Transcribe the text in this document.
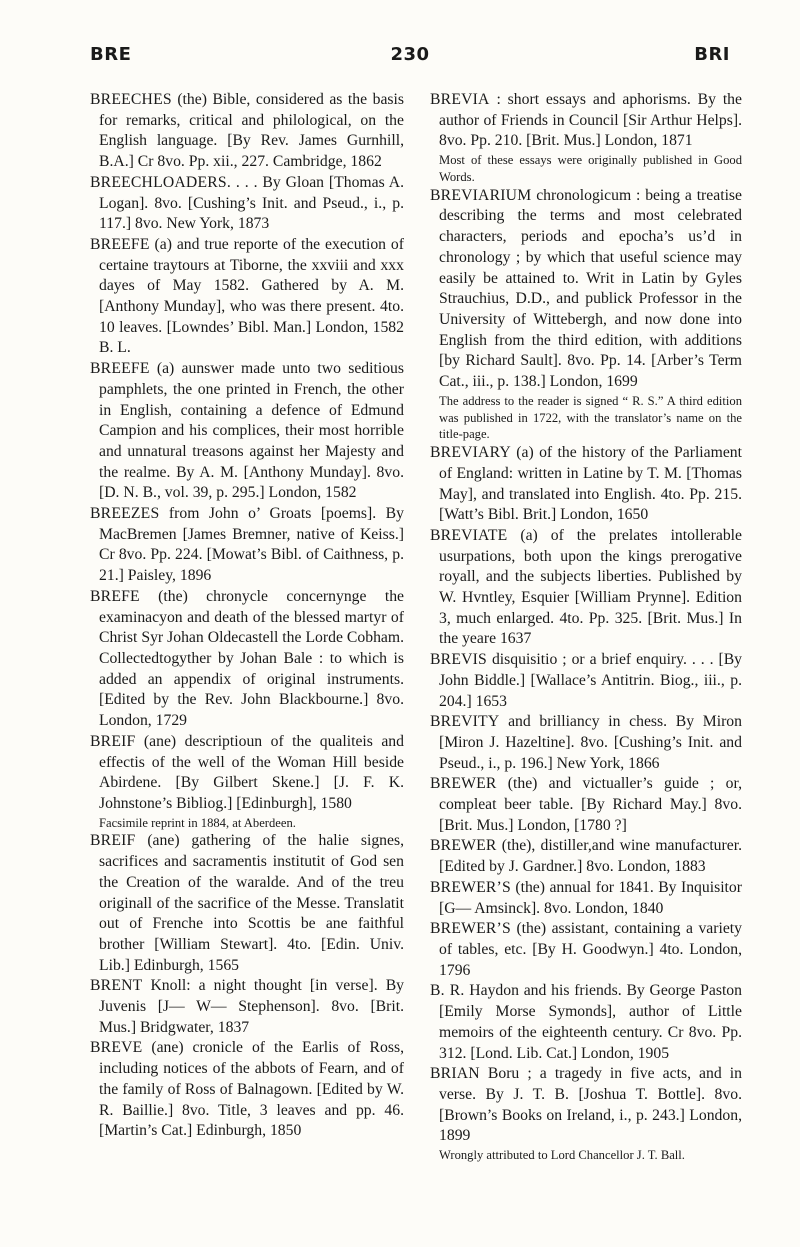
BRE	230	BRI

BREECHES (the) Bible, considered as the basis for remarks, critical and philological, on the English language. [By Rev. James Gurnhill, B.A.] Cr 8vo. Pp. xii., 227. Cambridge, 1862

BREECHLOADERS. . . . By Gloan [Thomas A. Logan]. 8vo. [Cushing’s Init. and Pseud., i., p. 117.] 8vo. New York, 1873

BREEFE (a) and true reporte of the execution of certaine traytours at Tiborne, the xxviii and xxx dayes of May 1582. Gathered by A. M. [Anthony Munday], who was there present. 4to. 10 leaves. [Lowndes’ Bibl. Man.] London, 1582 B. L.

BREEFE (a) aunswer made unto two seditious pamphlets, the one printed in French, the other in English, containing a defence of Edmund Campion and his complices, their most horrible and unnatural treasons against her Majesty and the realme. By A. M. [Anthony Munday]. 8vo. [D. N. B., vol. 39, p. 295.] London, 1582

BREEZES from John o’ Groats [poems]. By MacBremen [James Bremner, native of Keiss.] Cr 8vo. Pp. 224. [Mowat’s Bibl. of Caithness, p. 21.] Paisley, 1896

BREFE (the) chronycle concernynge the examinacyon and death of the blessed martyr of Christ Syr Johan Oldecastell the Lorde Cobham. Collectedtogyther by Johan Bale : to which is added an appendix of original instruments. [Edited by the Rev. John Blackbourne.] 8vo. London, 1729

BREIF (ane) descriptioun of the qualiteis and effectis of the well of the Woman Hill beside Abirdene. [By Gilbert Skene.] [J. F. K. Johnstone’s Bibliog.] [Edinburgh], 1580

Facsimile reprint in 1884, at Aberdeen.

BREIF (ane) gathering of the halie signes, sacrifices and sacramentis institutit of God sen the Creation of the waralde. And of the treu originall of the sacrifice of the Messe. Translatit out of Frenche into Scottis be ane faithful brother [William Stewart]. 4to. [Edin. Univ. Lib.] Edinburgh, 1565

BRENT Knoll: a night thought [in verse]. By Juvenis [J— W— Stephenson]. 8vo. [Brit. Mus.] Bridgwater, 1837

BREVE (ane) cronicle of the Earlis of Ross, including notices of the abbots of Fearn, and of the family of Ross of Balnagown. [Edited by W. R. Baillie.] 8vo. Title, 3 leaves and pp. 46. [Martin’s Cat.] Edinburgh, 1850

BREVIA : short essays and aphorisms. By the author of Friends in Council [Sir Arthur Helps]. 8vo. Pp. 210. [Brit. Mus.] London, 1871

Most of these essays were originally published in Good Words.

BREVIARIUM chronologicum : being a treatise describing the terms and most celebrated characters, periods and epocha’s us’d in chronology ; by which that useful science may easily be attained to. Writ in Latin by Gyles Strauchius, D.D., and publick Professor in the University of Wittebergh, and now done into English from the third edition, with additions [by Richard Sault]. 8vo. Pp. 14. [Arber’s Term Cat., iii., p. 138.] London, 1699

The address to the reader is signed “ R. S.” A third edition was published in 1722, with the translator’s name on the title-page.

BREVIARY (a) of the history of the Parliament of England: written in Latine by T. M. [Thomas May], and translated into English. 4to. Pp. 215. [Watt’s Bibl. Brit.] London, 1650

BREVIATE (a) of the prelates intollerable usurpations, both upon the kings prerogative royall, and the subjects liberties. Published by W. Hvntley, Esquier [William Prynne]. Edition 3, much enlarged. 4to. Pp. 325. [Brit. Mus.] In the yeare 1637

BREVIS disquisitio ; or a brief enquiry. . . . [By John Biddle.] [Wallace’s Antitrin. Biog., iii., p. 204.] 1653

BREVITY and brilliancy in chess. By Miron [Miron J. Hazeltine]. 8vo. [Cushing’s Init. and Pseud., i., p. 196.] New York, 1866

BREWER (the) and victualler’s guide ; or, compleat beer table. [By Richard May.] 8vo. [Brit. Mus.] London, [1780 ?]

BREWER (the), distiller,and wine manufacturer. [Edited by J. Gardner.] 8vo. London, 1883

BREWER’S (the) annual for 1841. By Inquisitor [G— Amsinck]. 8vo. London, 1840

BREWER’S (the) assistant, containing a variety of tables, etc. [By H. Goodwyn.] 4to. London, 1796

B. R. Haydon and his friends. By George Paston [Emily Morse Symonds], author of Little memoirs of the eighteenth century. Cr 8vo. Pp. 312. [Lond. Lib. Cat.] London, 1905

BRIAN Boru ; a tragedy in five acts, and in verse. By J. T. B. [Joshua T. Bottle]. 8vo. [Brown’s Books on Ireland, i., p. 243.] London, 1899

Wrongly attributed to Lord Chancellor J. T. Ball.
